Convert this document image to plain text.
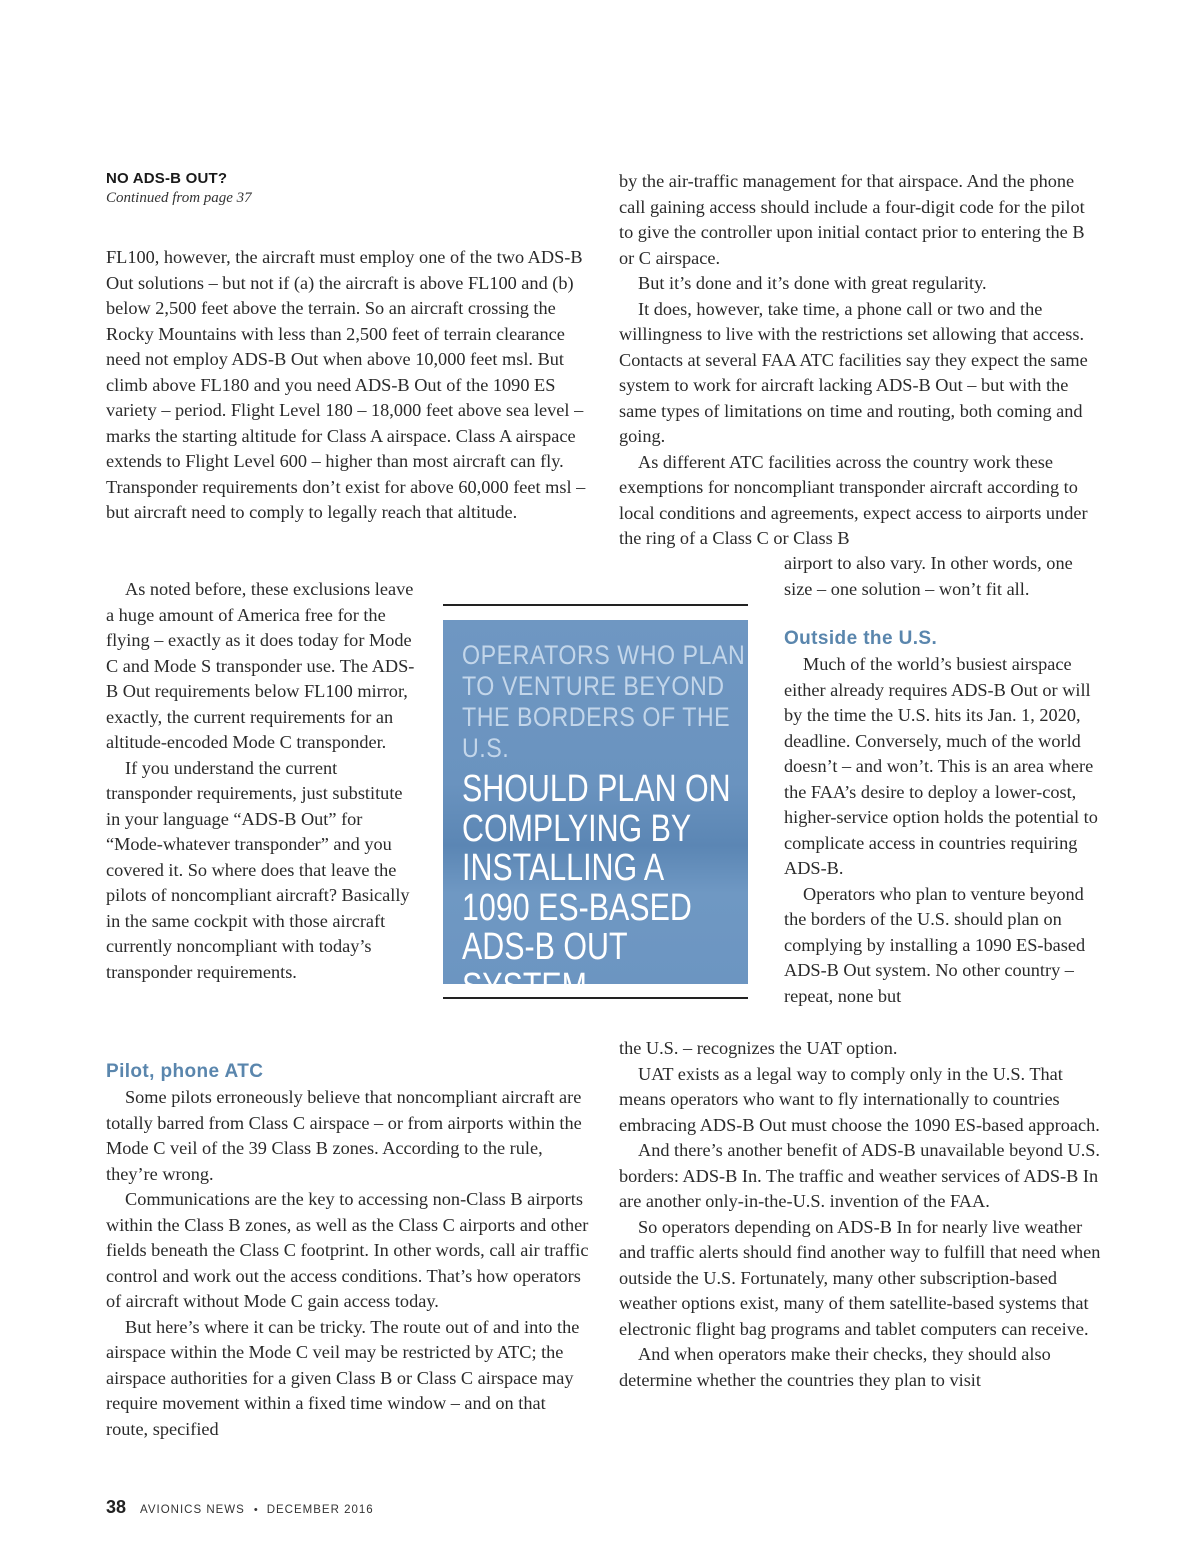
NO ADS-B OUT?
Continued from page 37

FL100, however, the aircraft must employ one of the two ADS-B Out solutions – but not if (a) the aircraft is above FL100 and (b) below 2,500 feet above the terrain. So an aircraft crossing the Rocky Mountains with less than 2,500 feet of terrain clearance need not employ ADS-B Out when above 10,000 feet msl. But climb above FL180 and you need ADS-B Out of the 1090 ES variety – period. Flight Level 180 – 18,000 feet above sea level – marks the starting altitude for Class A airspace. Class A airspace extends to Flight Level 600 – higher than most aircraft can fly. Transponder requirements don’t exist for above 60,000 feet msl – but aircraft need to comply to legally reach that altitude.

As noted before, these exclusions leave a huge amount of America free for the flying – exactly as it does today for Mode C and Mode S transponder use. The ADS-B Out requirements below FL100 mirror, exactly, the current requirements for an altitude-encoded Mode C transponder.

If you understand the current transponder requirements, just substitute in your language “ADS-B Out” for “Mode-whatever transponder” and you covered it. So where does that leave the pilots of noncompliant aircraft? Basically in the same cockpit with those aircraft currently noncompliant with today’s transponder requirements.

Pilot, phone ATC

Some pilots erroneously believe that noncompliant aircraft are totally barred from Class C airspace – or from airports within the Mode C veil of the 39 Class B zones. According to the rule, they’re wrong.

Communications are the key to accessing non-Class B airports within the Class B zones, as well as the Class C airports and other fields beneath the Class C footprint. In other words, call air traffic control and work out the access conditions. That’s how operators of aircraft without Mode C gain access today.

But here’s where it can be tricky. The route out of and into the airspace within the Mode C veil may be restricted by ATC; the airspace authorities for a given Class B or Class C airspace may require movement within a fixed time window – and on that route, specified

by the air-traffic management for that airspace. And the phone call gaining access should include a four-digit code for the pilot to give the controller upon initial contact prior to entering the B or C airspace.

But it’s done and it’s done with great regularity.

It does, however, take time, a phone call or two and the willingness to live with the restrictions set allowing that access. Contacts at several FAA ATC facilities say they expect the same system to work for aircraft lacking ADS-B Out – but with the same types of limitations on time and routing, both coming and going.

As different ATC facilities across the country work these exemptions for noncompliant transponder aircraft according to local conditions and agreements, expect access to airports under the ring of a Class C or Class B

airport to also vary. In other words, one size – one solution – won’t fit all.

Outside the U.S.

Much of the world’s busiest airspace either already requires ADS-B Out or will by the time the U.S. hits its Jan. 1, 2020, deadline. Conversely, much of the world doesn’t – and won’t. This is an area where the FAA’s desire to deploy a lower-cost, higher-service option holds the potential to complicate access in countries requiring ADS-B.

Operators who plan to venture beyond the borders of the U.S. should plan on complying by installing a 1090 ES-based ADS-B Out system. No other country – repeat, none but

the U.S. – recognizes the UAT option.

UAT exists as a legal way to comply only in the U.S. That means operators who want to fly internationally to countries embracing ADS-B Out must choose the 1090 ES-based approach.

And there’s another benefit of ADS-B unavailable beyond U.S. borders: ADS-B In. The traffic and weather services of ADS-B In are another only-in-the-U.S. invention of the FAA.

So operators depending on ADS-B In for nearly live weather and traffic alerts should find another way to fulfill that need when outside the U.S. Fortunately, many other subscription-based weather options exist, many of them satellite-based systems that electronic flight bag programs and tablet computers can receive.

And when operators make their checks, they should also determine whether the countries they plan to visit

OPERATORS WHO PLAN TO VENTURE BEYOND THE BORDERS OF THE U.S.
SHOULD PLAN ON COMPLYING BY INSTALLING A 1090 ES-BASED ADS-B OUT SYSTEM.
38 AVIONICS NEWS • DECEMBER 2016
